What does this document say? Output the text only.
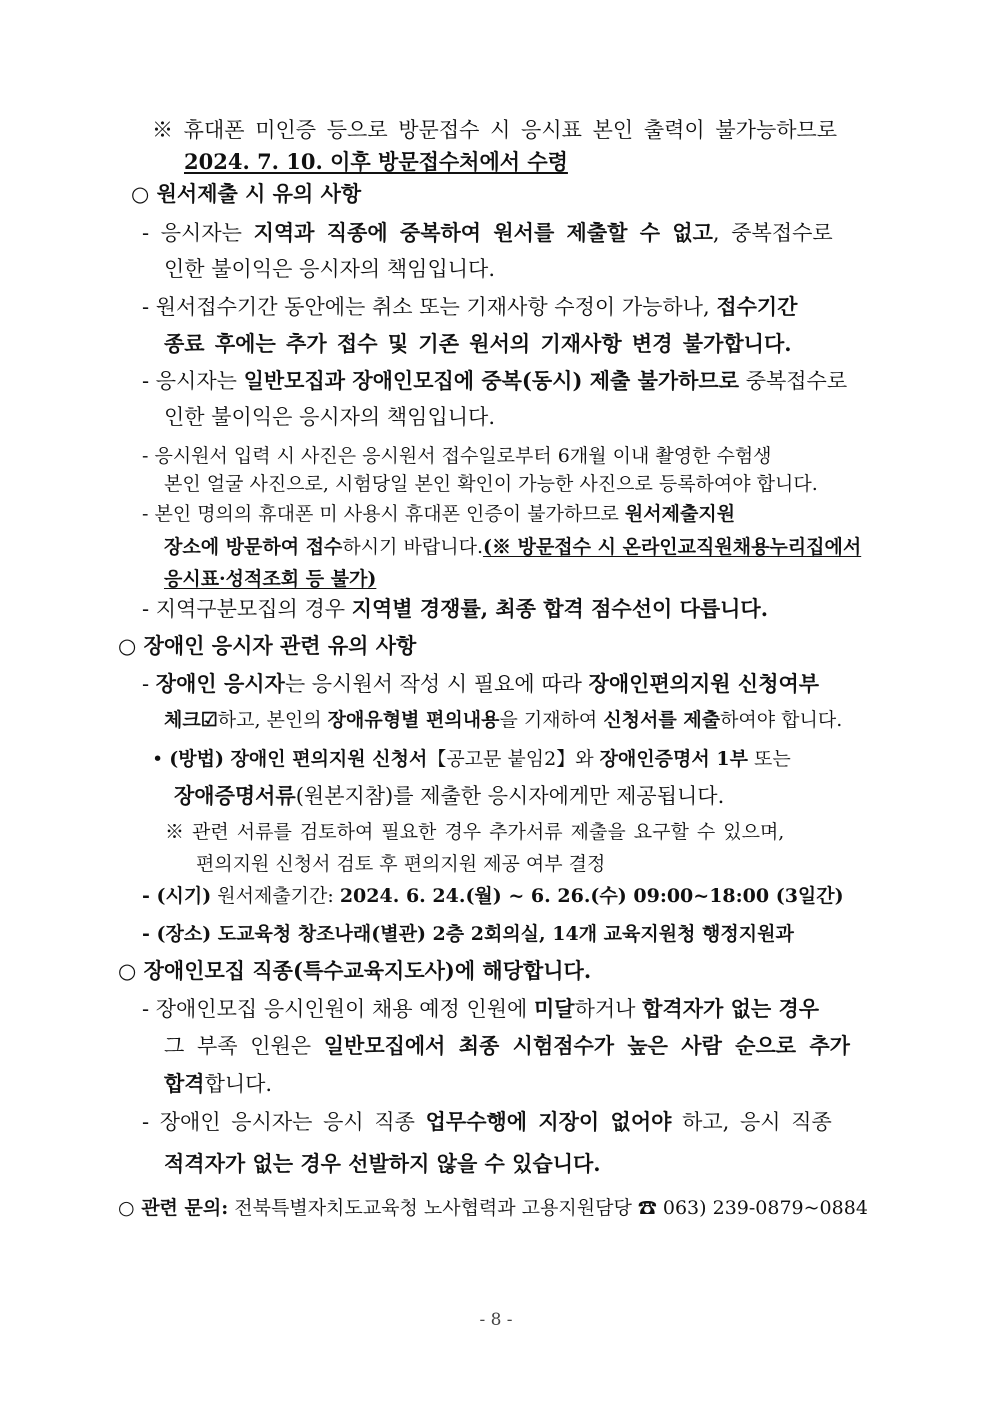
※ 휴대폰 미인증 등으로 방문접수 시 응시표 본인 출력이 불가능하므로
2024. 7. 10. 이후 방문접수처에서 수령
○ 원서제출 시 유의 사항
- 응시자는 지역과 직종에 중복하여 원서를 제출할 수 없고, 중복접수로
인한 불이익은 응시자의 책임입니다.
- 원서접수기간 동안에는 취소 또는 기재사항 수정이 가능하나, 접수기간
종료 후에는 추가 접수 및 기존 원서의 기재사항 변경 불가합니다.
- 응시자는 일반모집과 장애인모집에 중복(동시) 제출 불가하므로 중복접수로
인한 불이익은 응시자의 책임입니다.
- 응시원서 입력 시 사진은 응시원서 접수일로부터 6개월 이내 촬영한 수험생
본인 얼굴 사진으로, 시험당일 본인 확인이 가능한 사진으로 등록하여야 합니다.
- 본인 명의의 휴대폰 미 사용시 휴대폰 인증이 불가하므로 원서제출지원
장소에 방문하여 접수하시기 바랍니다.(※ 방문접수 시 온라인교직원채용누리집에서
응시표·성적조회 등 불가)
- 지역구분모집의 경우 지역별 경쟁률, 최종 합격 점수선이 다릅니다.
○ 장애인 응시자 관련 유의 사항
- 장애인 응시자는 응시원서 작성 시 필요에 따라 장애인편의지원 신청여부
체크☑하고, 본인의 장애유형별 편의내용을 기재하여 신청서를 제출하여야 합니다.
• (방법) 장애인 편의지원 신청서【공고문 붙임2】와 장애인증명서 1부 또는
장애증명서류(원본지참)를 제출한 응시자에게만 제공됩니다.
※ 관련 서류를 검토하여 필요한 경우 추가서류 제출을 요구할 수 있으며,
편의지원 신청서 검토 후 편의지원 제공 여부 결정
- (시기) 원서제출기간: 2024. 6. 24.(월) ~ 6. 26.(수) 09:00~18:00 (3일간)
- (장소) 도교육청 창조나래(별관) 2층 2회의실, 14개 교육지원청 행정지원과
○ 장애인모집 직종(특수교육지도사)에 해당합니다.
- 장애인모집 응시인원이 채용 예정 인원에 미달하거나 합격자가 없는 경우
그 부족 인원은 일반모집에서 최종 시험점수가 높은 사람 순으로 추가
합격합니다.
- 장애인 응시자는 응시 직종 업무수행에 지장이 없어야 하고, 응시 직종
적격자가 없는 경우 선발하지 않을 수 있습니다.
○ 관련 문의: 전북특별자치도교육청 노사협력과 고용지원담당 ☎ 063) 239-0879~0884
- 8 -
